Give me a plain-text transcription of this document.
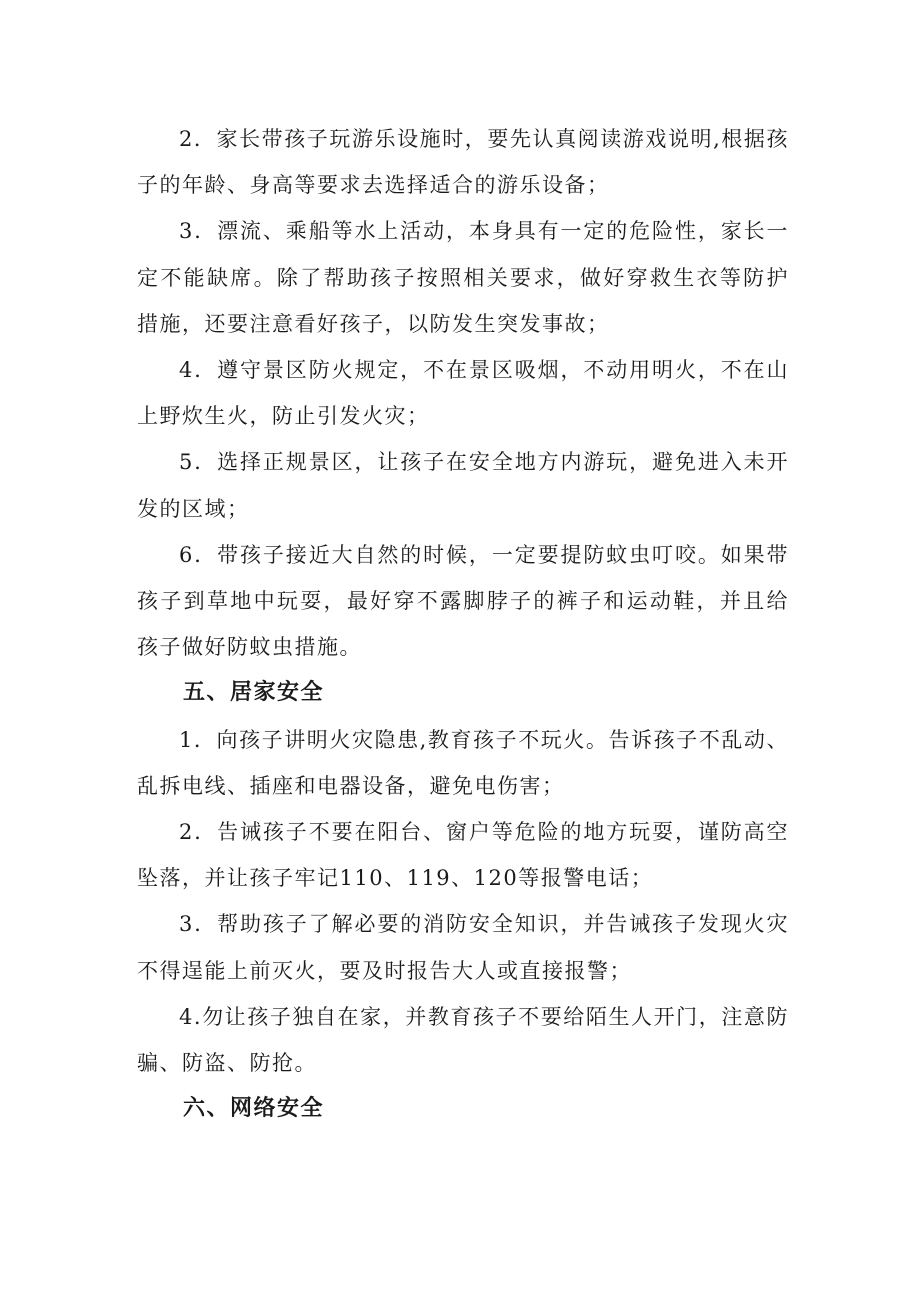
2．家长带孩子玩游乐设施时，要先认真阅读游戏说明,根据孩子的年龄、身高等要求去选择适合的游乐设备；

3．漂流、乘船等水上活动，本身具有一定的危险性，家长一定不能缺席。除了帮助孩子按照相关要求，做好穿救生衣等防护措施，还要注意看好孩子，以防发生突发事故；

4．遵守景区防火规定，不在景区吸烟，不动用明火，不在山上野炊生火，防止引发火灾；

5．选择正规景区，让孩子在安全地方内游玩，避免进入未开发的区域；

6．带孩子接近大自然的时候，一定要提防蚊虫叮咬。如果带孩子到草地中玩耍，最好穿不露脚脖子的裤子和运动鞋，并且给孩子做好防蚊虫措施。

五、居家安全

1．向孩子讲明火灾隐患,教育孩子不玩火。告诉孩子不乱动、乱拆电线、插座和电器设备，避免电伤害；

2．告诫孩子不要在阳台、窗户等危险的地方玩耍，谨防高空坠落，并让孩子牢记110、119、120等报警电话；

3．帮助孩子了解必要的消防安全知识，并告诫孩子发现火灾不得逞能上前灭火，要及时报告大人或直接报警；

4.勿让孩子独自在家，并教育孩子不要给陌生人开门，注意防骗、防盗、防抢。

六、网络安全
